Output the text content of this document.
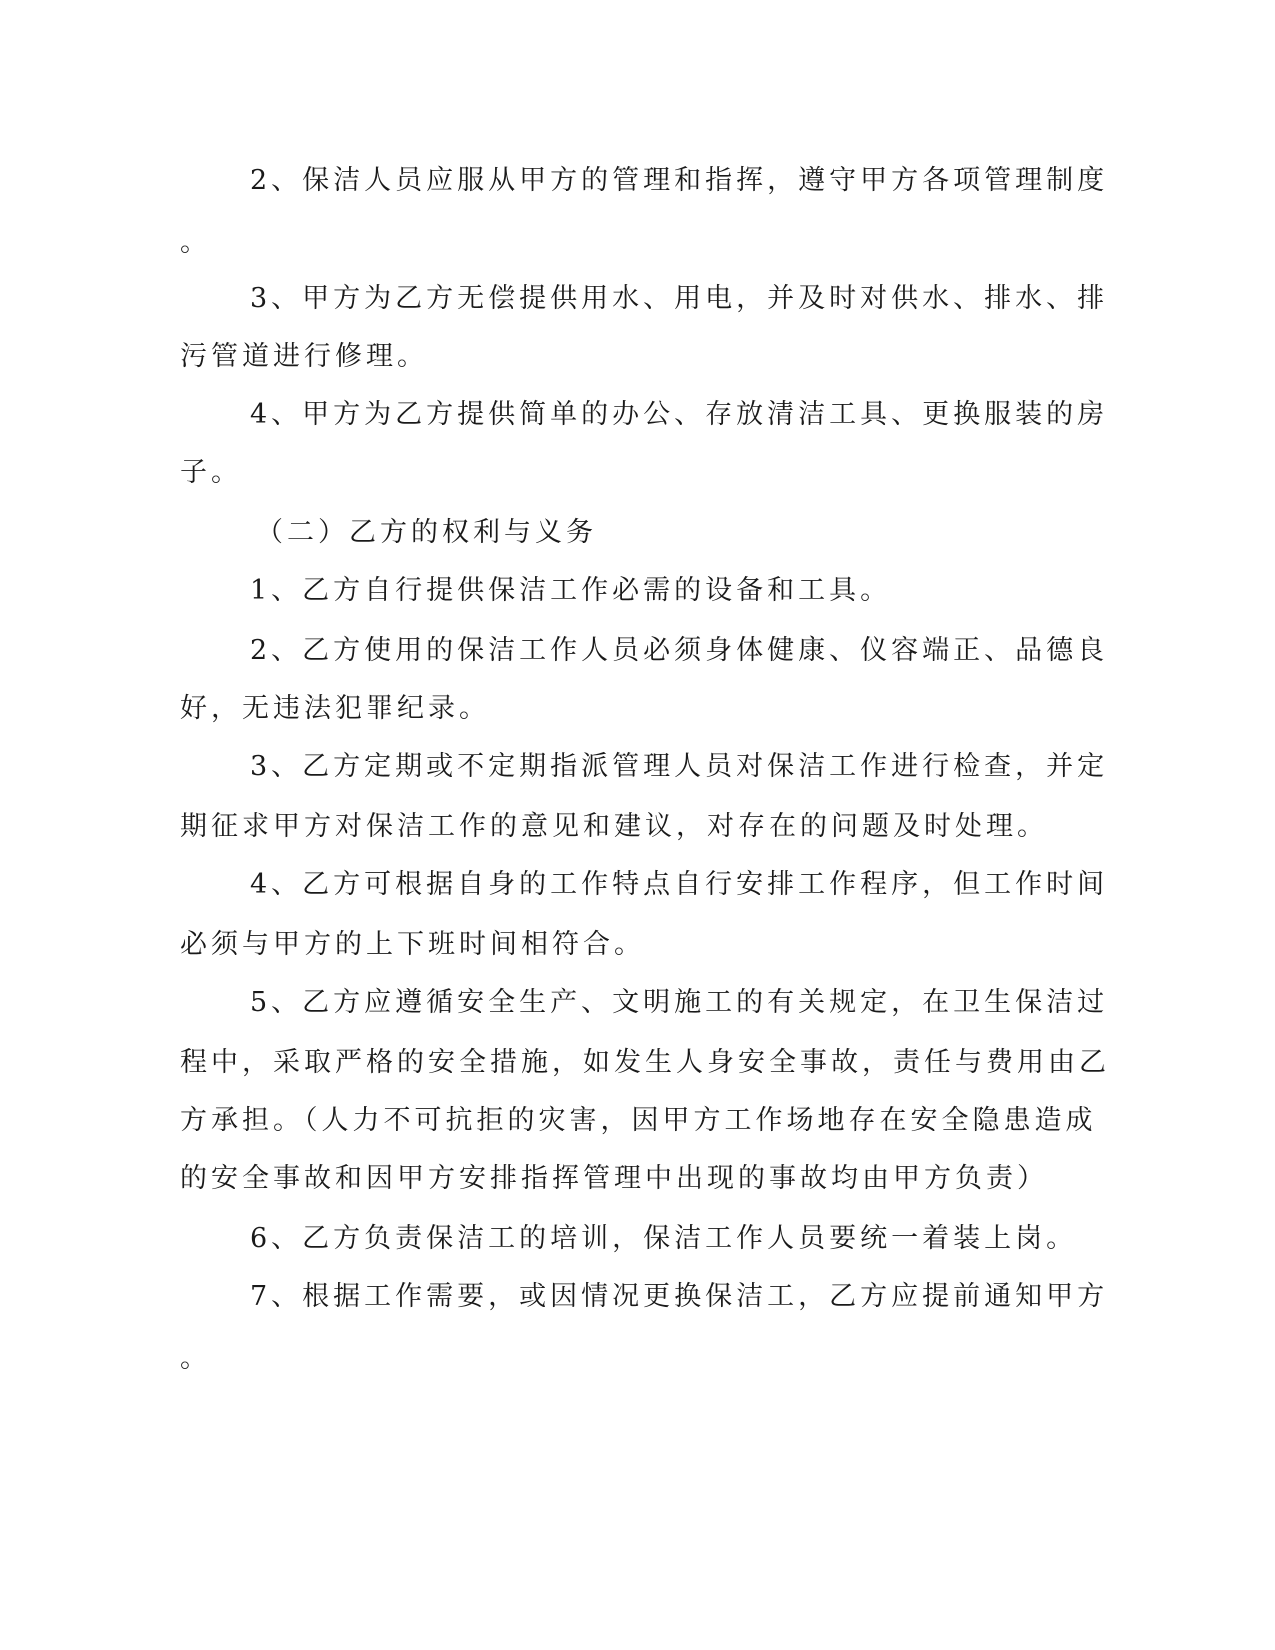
2、保洁人员应服从甲方的管理和指挥，遵守甲方各项管理制度
。
3、甲方为乙方无偿提供用水、用电，并及时对供水、排水、排
污管道进行修理。
4、甲方为乙方提供简单的办公、存放清洁工具、更换服装的房
子。
（二）乙方的权利与义务
1、乙方自行提供保洁工作必需的设备和工具。
2、乙方使用的保洁工作人员必须身体健康、仪容端正、品德良
好，无违法犯罪纪录。
3、乙方定期或不定期指派管理人员对保洁工作进行检查，并定
期征求甲方对保洁工作的意见和建议，对存在的问题及时处理。
4、乙方可根据自身的工作特点自行安排工作程序，但工作时间
必须与甲方的上下班时间相符合。
5、乙方应遵循安全生产、文明施工的有关规定，在卫生保洁过
程中，采取严格的安全措施，如发生人身安全事故，责任与费用由乙
方承担。（人力不可抗拒的灾害，因甲方工作场地存在安全隐患造成
的安全事故和因甲方安排指挥管理中出现的事故均由甲方负责）
6、乙方负责保洁工的培训，保洁工作人员要统一着装上岗。
7、根据工作需要，或因情况更换保洁工，乙方应提前通知甲方
。
